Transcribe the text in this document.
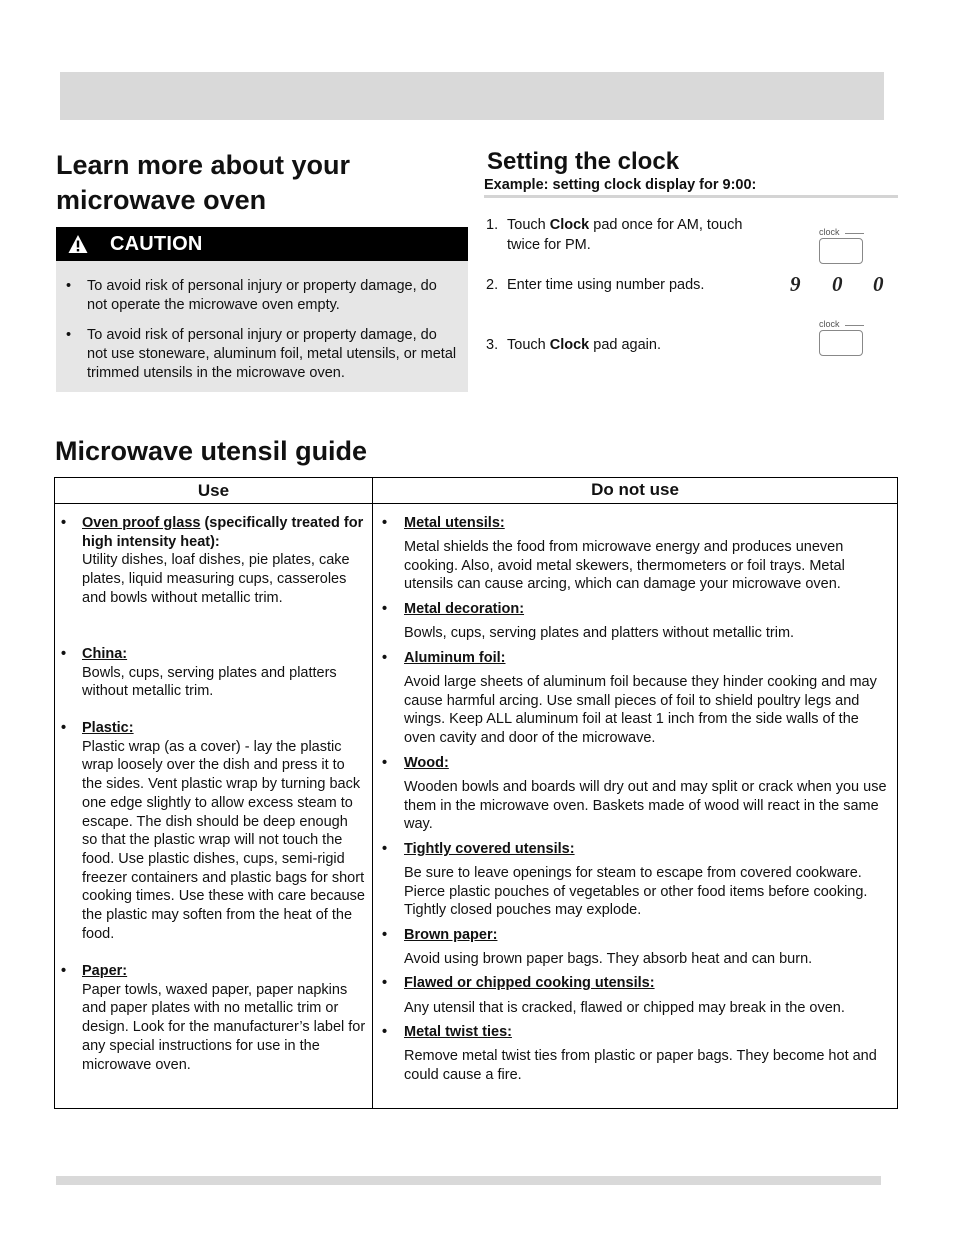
Learn more about your microwave oven
CAUTION
• To avoid risk of personal injury or property damage, do not operate the microwave oven empty.
• To avoid risk of personal injury or property damage, do not use stoneware, aluminum foil, metal utensils, or metal trimmed utensils in the microwave oven.
Setting the clock
Example: setting clock display for 9:00:
1. Touch Clock pad once for AM, touch twice for PM.
2. Enter time using number pads.
3. Touch Clock pad again.
clock
clock
9 0 0
Microwave utensil guide
Use	Do not use
• Oven proof glass (specifically treated for high intensity heat):
Utility dishes, loaf dishes, pie plates, cake plates, liquid measuring cups, casseroles and bowls without metallic trim.
• China:
Bowls, cups, serving plates and platters without metallic trim.
• Plastic:
Plastic wrap (as a cover) - lay the plastic wrap loosely over the dish and press it to the sides. Vent plastic wrap by turning back one edge slightly to allow excess steam to escape. The dish should be deep enough so that the plastic wrap will not touch the food. Use plastic dishes, cups, semi-rigid freezer containers and plastic bags for short cooking times. Use these with care because the plastic may soften from the heat of the food.
• Paper:
Paper towls, waxed paper, paper napkins and paper plates with no metallic trim or design. Look for the manufacturer’s label for any special instructions for use in the microwave oven.
• Metal utensils:
Metal shields the food from microwave energy and produces uneven cooking. Also, avoid metal skewers, thermometers or foil trays. Metal utensils can cause arcing, which can damage your microwave oven.
• Metal decoration:
Bowls, cups, serving plates and platters without metallic trim.
• Aluminum foil:
Avoid large sheets of aluminum foil because they hinder cooking and may cause harmful arcing. Use small pieces of foil to shield poultry legs and wings. Keep ALL aluminum foil at least 1 inch from the side walls of the oven cavity and door of the microwave.
• Wood:
Wooden bowls and boards will dry out and may split or crack when you use them in the microwave oven. Baskets made of wood will react in the same way.
• Tightly covered utensils:
Be sure to leave openings for steam to escape from covered cookware. Pierce plastic pouches of vegetables or other food items before cooking. Tightly closed pouches may explode.
• Brown paper:
Avoid using brown paper bags. They absorb heat and can burn.
• Flawed or chipped cooking utensils:
Any utensil that is cracked, flawed or chipped may break in the oven.
• Metal twist ties:
Remove metal twist ties from plastic or paper bags. They become hot and could cause a fire.
